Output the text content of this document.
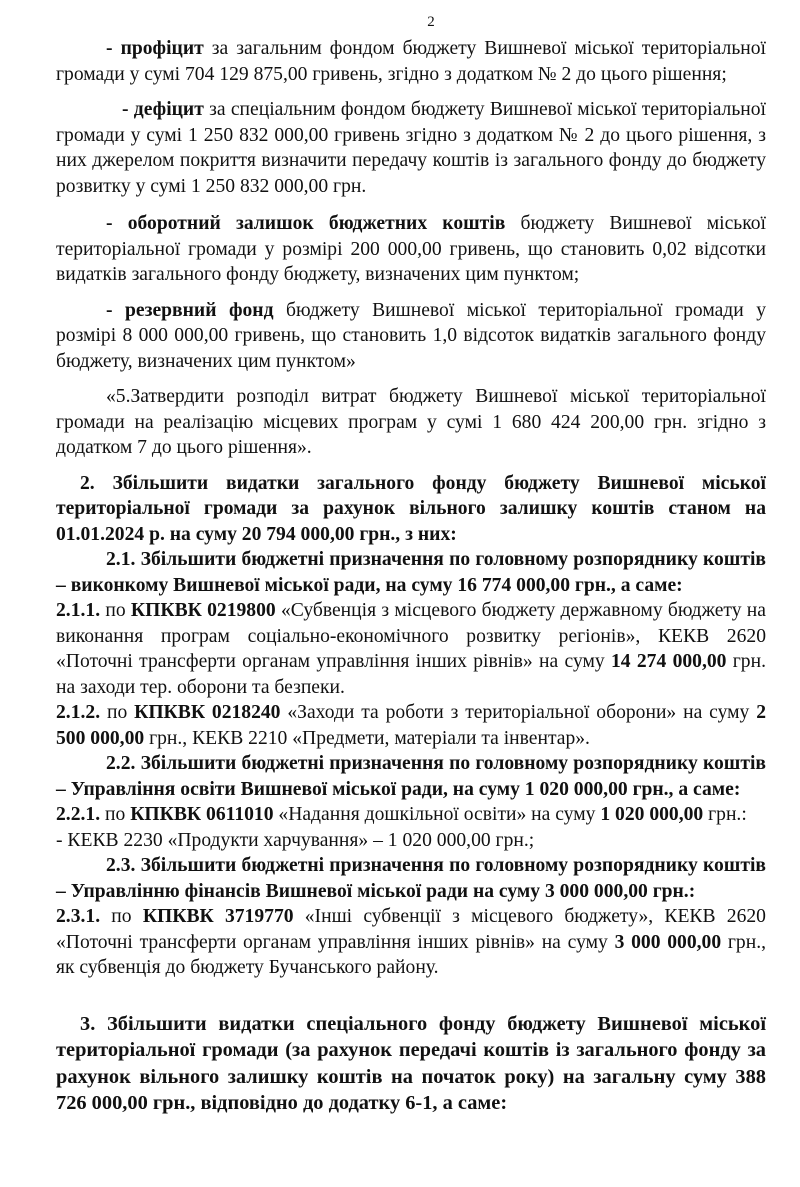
2

- профіцит за загальним фондом бюджету Вишневої міської територіальної громади у сумі 704 129 875,00 гривень, згідно з додатком № 2 до цього рішення;

- дефіцит за спеціальним фондом бюджету Вишневої міської територіальної громади у сумі 1 250 832 000,00 гривень згідно з додатком № 2 до цього рішення, з них джерелом покриття визначити передачу коштів із загального фонду до бюджету розвитку у сумі 1 250 832 000,00 грн.

- оборотний залишок бюджетних коштів бюджету Вишневої міської територіальної громади у розмірі 200 000,00 гривень, що становить 0,02 відсотки видатків загального фонду бюджету, визначених цим пунктом;

- резервний фонд бюджету Вишневої міської територіальної громади у розмірі 8 000 000,00 гривень, що становить 1,0 відсоток видатків загального фонду бюджету, визначених цим пунктом»

«5.Затвердити розподіл витрат бюджету Вишневої міської територіальної громади на реалізацію місцевих програм у сумі 1 680 424 200,00 грн. згідно з додатком 7 до цього рішення».

2. Збільшити видатки загального фонду бюджету Вишневої міської територіальної громади за рахунок вільного залишку коштів станом на 01.01.2024 р. на суму 20 794 000,00 грн., з них:

2.1. Збільшити бюджетні призначення по головному розпоряднику коштів – виконкому Вишневої міської ради, на суму 16 774 000,00 грн., а саме:

2.1.1. по КПКВК 0219800 «Субвенція з місцевого бюджету державному бюджету на виконання програм соціально-економічного розвитку регіонів», КЕКВ 2620 «Поточні трансферти органам управління інших рівнів» на суму 14 274 000,00 грн. на заходи тер. оборони та безпеки.

2.1.2. по КПКВК 0218240 «Заходи та роботи з територіальної оборони» на суму 2 500 000,00 грн., КЕКВ 2210 «Предмети, матеріали та інвентар».

2.2. Збільшити бюджетні призначення по головному розпоряднику коштів – Управління освіти Вишневої міської ради, на суму 1 020 000,00 грн., а саме:

2.2.1. по КПКВК 0611010 «Надання дошкільної освіти» на суму 1 020 000,00 грн.:

- КЕКВ 2230 «Продукти харчування» – 1 020 000,00 грн.;

2.3. Збільшити бюджетні призначення по головному розпоряднику коштів – Управлінню фінансів Вишневої міської ради на суму 3 000 000,00 грн.:

2.3.1. по КПКВК 3719770 «Інші субвенції з місцевого бюджету», КЕКВ 2620 «Поточні трансферти органам управління інших рівнів» на суму 3 000 000,00 грн., як субвенція до бюджету Бучанського району.

3. Збільшити видатки спеціального фонду бюджету Вишневої міської територіальної громади (за рахунок передачі коштів із загального фонду за рахунок вільного залишку коштів на початок року) на загальну суму 388 726 000,00 грн., відповідно до додатку 6-1, а саме:
